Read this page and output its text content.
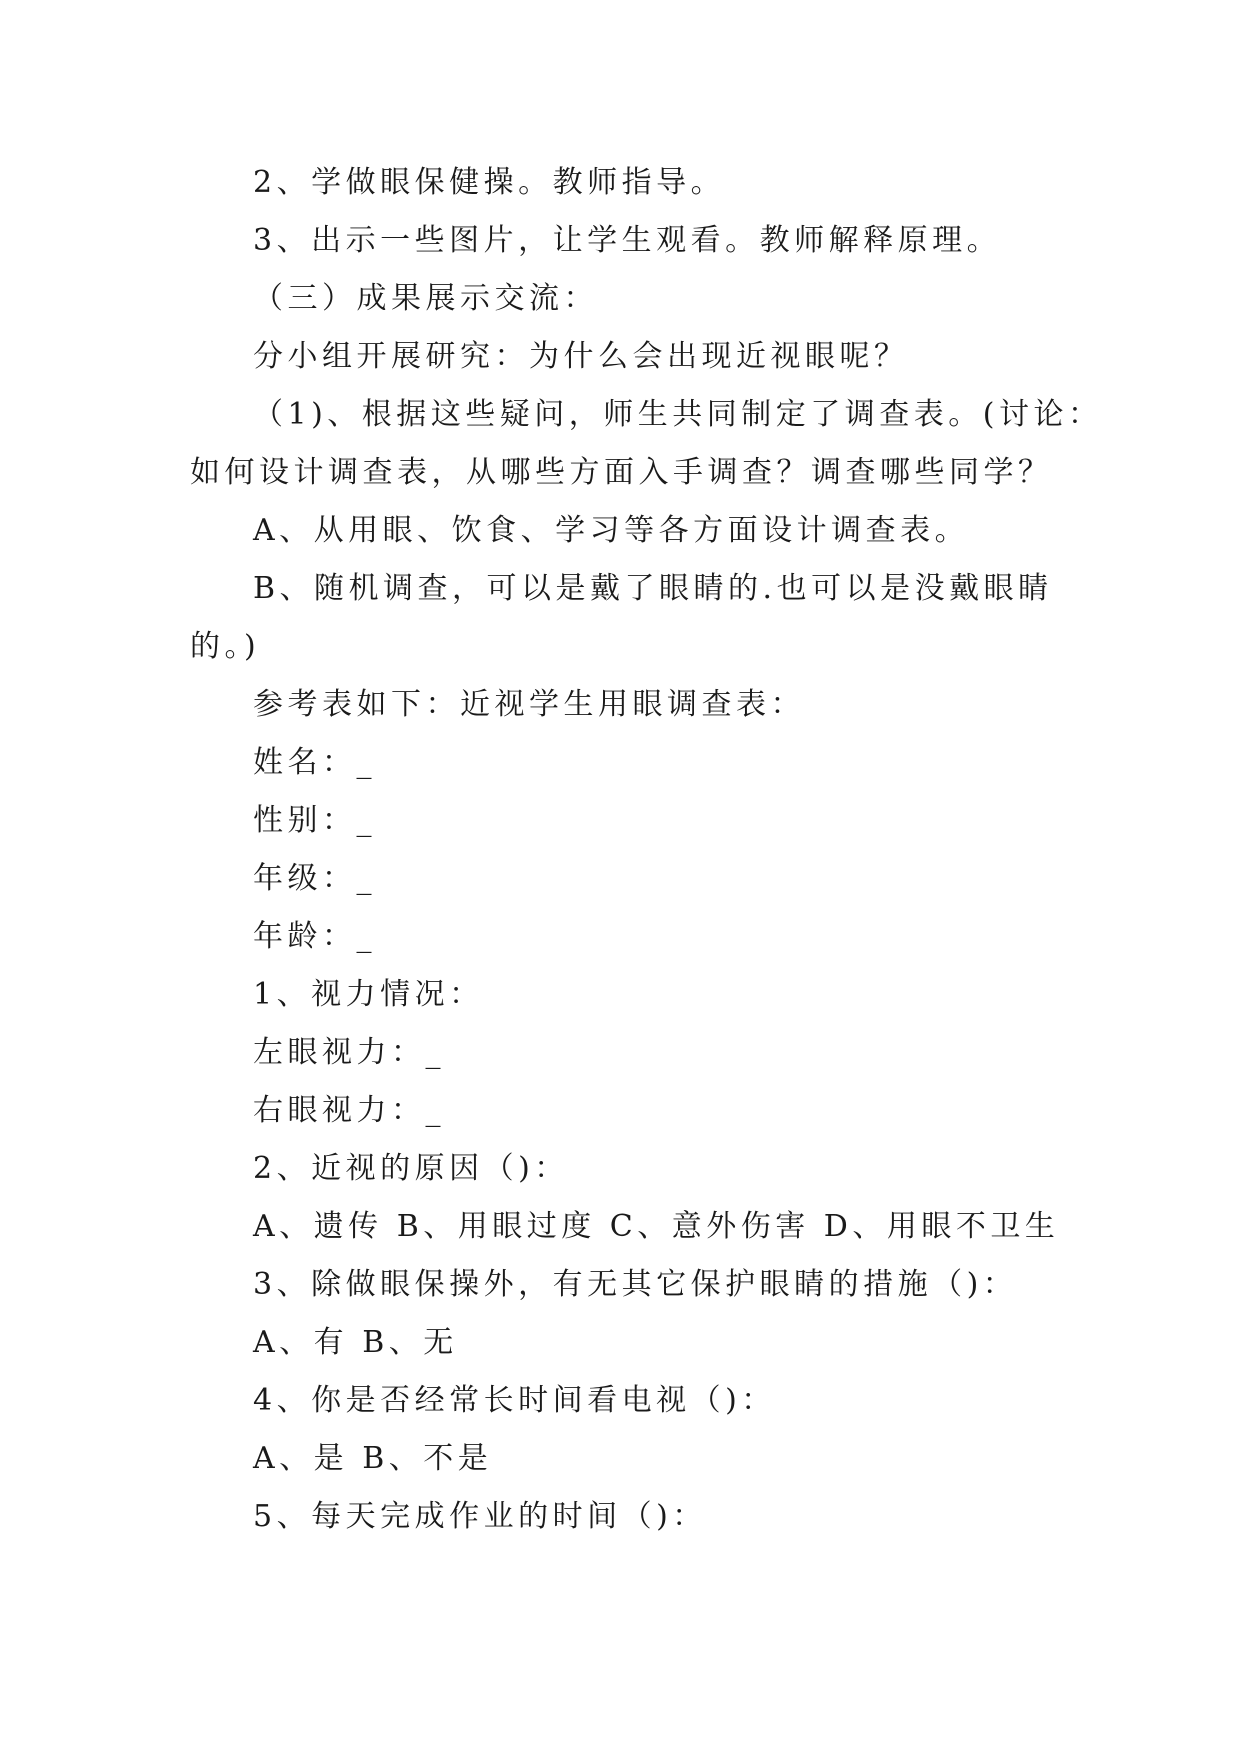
2、学做眼保健操。教师指导。
3、出示一些图片，让学生观看。教师解释原理。
（三）成果展示交流：
分小组开展研究：为什么会出现近视眼呢？
（1)、根据这些疑问，师生共同制定了调查表。(讨论：
如何设计调查表，从哪些方面入手调查？调查哪些同学？
A、从用眼、饮食、学习等各方面设计调查表。
B、随机调查，可以是戴了眼睛的.也可以是没戴眼睛
的。)
参考表如下：近视学生用眼调查表：
姓名：_
性别：_
年级：_
年龄：_
1、视力情况：
左眼视力：_
右眼视力：_
2、近视的原因（)：
A、遗传 B、用眼过度 C、意外伤害 D、用眼不卫生
3、除做眼保操外，有无其它保护眼睛的措施（)：
A、有 B、无
4、你是否经常长时间看电视（)：
A、是 B、不是
5、每天完成作业的时间（)：
